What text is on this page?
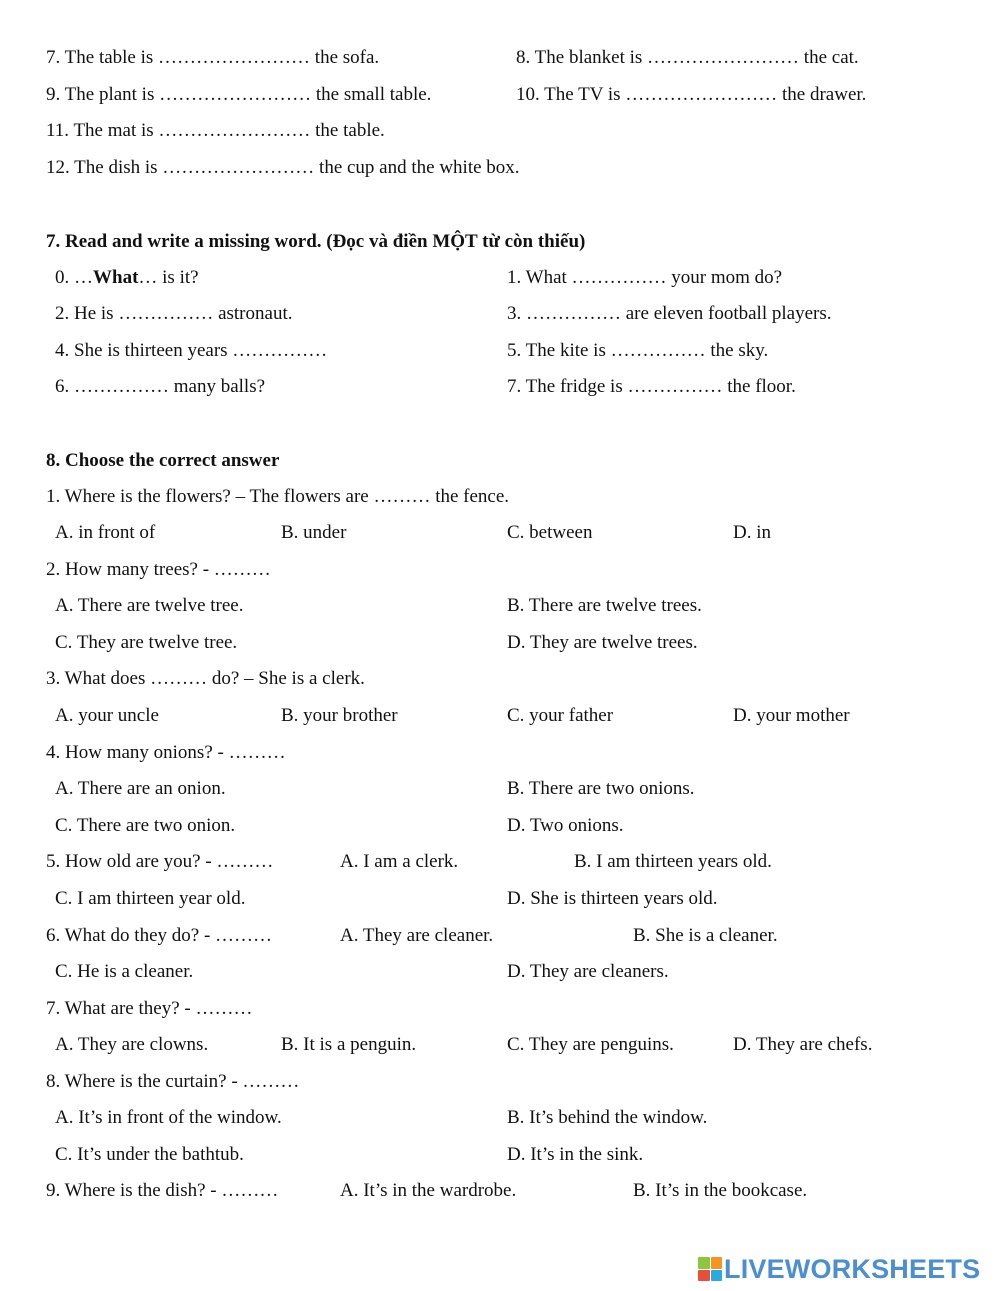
7. The table is …………………… the sofa.	8. The blanket is …………………… the cat.
9. The plant is …………………… the small table.	10. The TV is …………………… the drawer.
11. The mat is …………………… the table.
12. The dish is …………………… the cup and the white box.
7. Read and write a missing word. (Đọc và điền MỘT từ còn thiếu)
0. …What… is it?	1. What …………… your mom do?
2. He is …………… astronaut.	3. …………… are eleven football players.
4. She is thirteen years ……………	5. The kite is …………… the sky.
6. …………… many balls?	7. The fridge is …………… the floor.
8. Choose the correct answer
1. Where is the flowers? – The flowers are ……… the fence.
A. in front of	B. under	C. between	D. in
2. How many trees? - ………
A. There are twelve tree.	B. There are twelve trees.
C. They are twelve tree.	D. They are twelve trees.
3. What does ……… do? – She is a clerk.
A. your uncle	B. your brother	C. your father	D. your mother
4. How many onions? - ………
A. There are an onion.	B. There are two onions.
C. There are two onion.	D. Two onions.
5. How old are you? - ………	A. I am a clerk.	B. I am thirteen years old.
C. I am thirteen year old.	D. She is thirteen years old.
6. What do they do? - ………	A. They are cleaner.	B. She is a cleaner.
C. He is a cleaner.	D. They are cleaners.
7. What are they? - ………
A. They are clowns.	B. It is a penguin.	C. They are penguins.	D. They are chefs.
8. Where is the curtain? - ………
A. It’s in front of the window.	B. It’s behind the window.
C. It’s under the bathtub.	D. It’s in the sink.
9. Where is the dish? - ………	A. It’s in the wardrobe.	B. It’s in the bookcase.
LIVEWORKSHEETS
